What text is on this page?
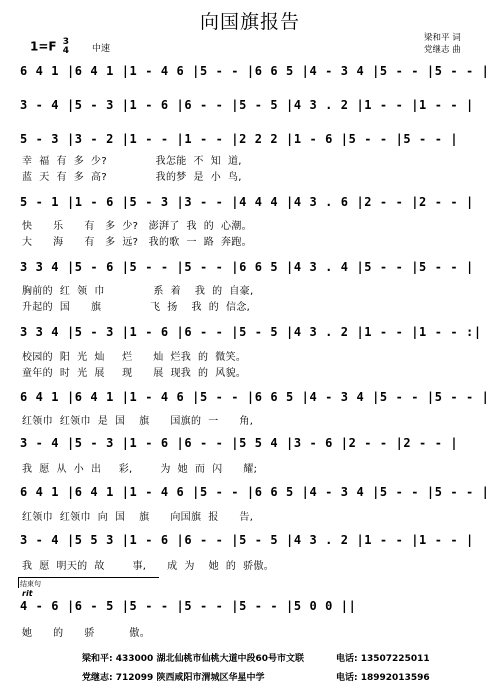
向国旗报告
梁和平 词
党继志 曲
1=F 3
4	中速
6 4 1 |6 4 1 |1 - 4 6 |5 - - |6 6 5 |4 - 3 4 |5 - - |5 - - |
3 - 4 |5 - 3 |1 - 6 |6 - - |5 - 5 |4 3 . 2 |1 - - |1 - - |
5 - 3 |3 - 2 |1 - - |1 - - |2 2 2 |1 - 6 |5 - - |5 - - |
幸  福  有  多  少?              我怎能  不  知  道,
蓝  天  有  多  高?              我的梦  是  小  鸟,
5 - 1 |1 - 6 |5 - 3 |3 - - |4 4 4 |4 3 . 6 |2 - - |2 - - |
快      乐      有   多  少?   澎湃了  我  的  心潮。
大      海      有   多  远?   我的歌  一  路  奔跑。
3 3 4 |5 - 6 |5 - - |5 - - |6 6 5 |4 3 . 4 |5 - - |5 - - |
胸前的  红  领  巾              系  着    我  的  自豪,
升起的  国      旗              飞  扬    我  的  信念,
3 3 4 |5 - 3 |1 - 6 |6 - - |5 - 5 |4 3 . 2 |1 - - |1 - - :|
校园的  阳  光  灿     烂      灿  烂我  的  微笑。
童年的  时  光  展     现      展  现我  的  风貌。
6 4 1 |6 4 1 |1 - 4 6 |5 - - |6 6 5 |4 - 3 4 |5 - - |5 - - |
红领巾  红领巾  是  国    旗      国旗的  一      角,
3 - 4 |5 - 3 |1 - 6 |6 - - |5 5 4 |3 - 6 |2 - - |2 - - |
我  愿  从  小  出     彩,        为  她  而  闪      耀;
6 4 1 |6 4 1 |1 - 4 6 |5 - - |6 6 5 |4 - 3 4 |5 - - |5 - - |
红领巾  红领巾  向  国    旗      向国旗  报      告,
3 - 4 |5 5 3 |1 - 6 |6 - - |5 - 5 |4 3 . 2 |1 - - |1 - - |
我  愿  明天的  故        事,      成  为    她  的  骄傲。
结束句
rit
4 - 6 |6 - 5 |5 - - |5 - - |5 - - |5 0 0 ||
她      的      骄          傲。
梁和平: 433000 湖北仙桃市仙桃大道中段60号市文联	电话: 13507225011
党继志: 712099 陕西咸阳市渭城区华星中学	电话: 18992013596
